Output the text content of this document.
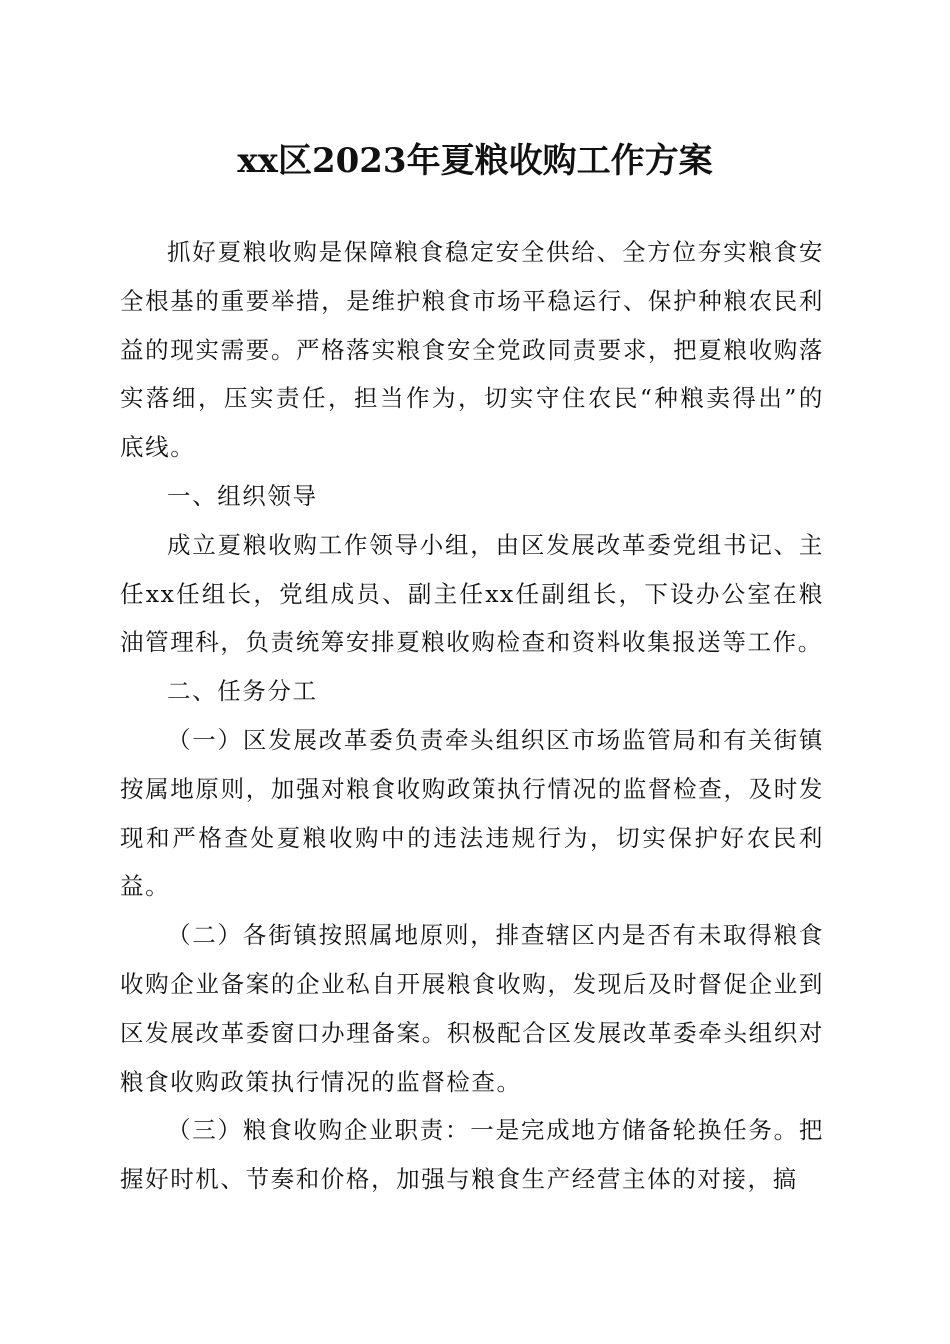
xx区2023年夏粮收购工作方案

抓好夏粮收购是保障粮食稳定安全供给、全方位夯实粮食安全根基的重要举措，是维护粮食市场平稳运行、保护种粮农民利益的现实需要。严格落实粮食安全党政同责要求，把夏粮收购落实落细，压实责任，担当作为，切实守住农民“种粮卖得出”的底线。

一、组织领导

成立夏粮收购工作领导小组，由区发展改革委党组书记、主任xx任组长，党组成员、副主任xx任副组长，下设办公室在粮油管理科，负责统筹安排夏粮收购检查和资料收集报送等工作。

二、任务分工

（一）区发展改革委负责牵头组织区市场监管局和有关街镇按属地原则，加强对粮食收购政策执行情况的监督检查，及时发现和严格查处夏粮收购中的违法违规行为，切实保护好农民利益。

（二）各街镇按照属地原则，排查辖区内是否有未取得粮食收购企业备案的企业私自开展粮食收购，发现后及时督促企业到区发展改革委窗口办理备案。积极配合区发展改革委牵头组织对粮食收购政策执行情况的监督检查。

（三）粮食收购企业职责：一是完成地方储备轮换任务。把握好时机、节奏和价格，加强与粮食生产经营主体的对接，搞
